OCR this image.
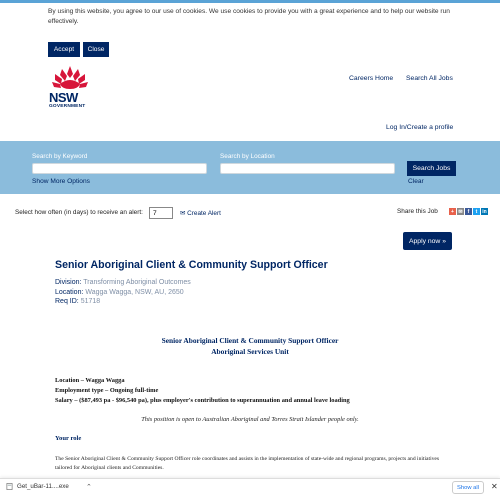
By using this website, you agree to our use of cookies. We use cookies to provide you with a great experience and to help our website run effectively.
Accept	Close
NSW
GOVERNMENT
Careers Home Search All Jobs
Log In/Create a profile
Search by Keyword	Search by Location
Search Jobs
Show More Options	Clear
Select how often (in days) to receive an alert:
7	✉ Create Alert	Share this Job	+ ✉	f	t in
Apply now »
Senior Aboriginal Client & Community Support Officer
Division: Transforming Aboriginal Outcomes
Location: Wagga Wagga, NSW, AU, 2650
Req ID: 51718
Senior Aboriginal Client & Community Support Officer
Aboriginal Services Unit
Location – Wagga Wagga
Employment type – Ongoing full-time
Salary – ($87,493 pa - $96,540 pa), plus employer's contribution to superannuation and annual leave loading
This position is open to Australian Aboriginal and Torres Strait Islander people only.
Your role
The Senior Aboriginal Client & Community Support Officer role coordinates and assists in the implementation of state-wide and regional programs, projects and initiatives tailored for Aboriginal clients and Communities.
Get_uBar-11....exe ⌃	Show all	✕
